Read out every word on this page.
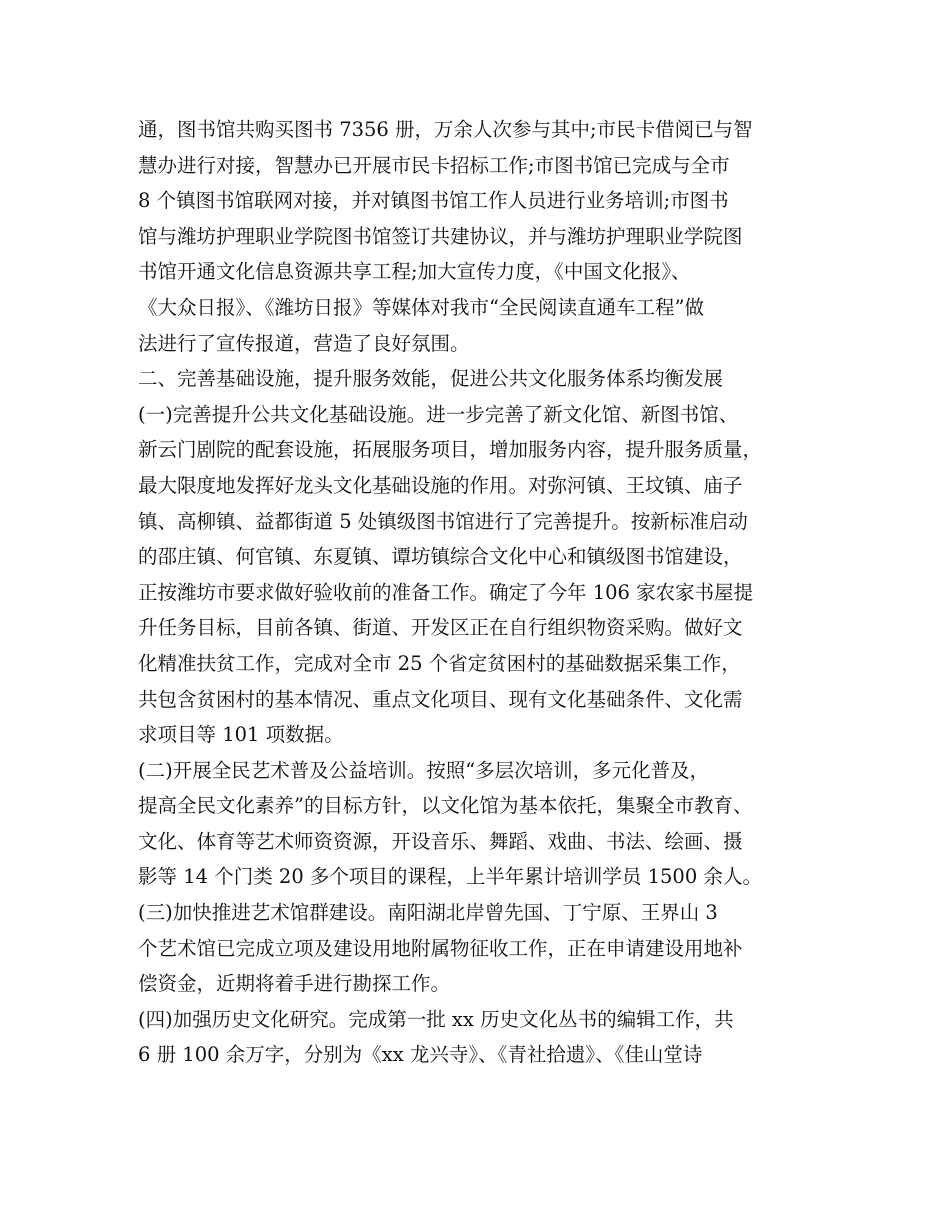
通，图书馆共购买图书 7356 册，万余人次参与其中;市民卡借阅已与智
慧办进行对接，智慧办已开展市民卡招标工作;市图书馆已完成与全市
8 个镇图书馆联网对接，并对镇图书馆工作人员进行业务培训;市图书
馆与潍坊护理职业学院图书馆签订共建协议，并与潍坊护理职业学院图
书馆开通文化信息资源共享工程;加大宣传力度，《中国文化报》、
《大众日报》、《潍坊日报》等媒体对我市“全民阅读直通车工程”做
法进行了宣传报道，营造了良好氛围。
二、完善基础设施，提升服务效能，促进公共文化服务体系均衡发展
(一)完善提升公共文化基础设施。进一步完善了新文化馆、新图书馆、
新云门剧院的配套设施，拓展服务项目，增加服务内容，提升服务质量，
最大限度地发挥好龙头文化基础设施的作用。对弥河镇、王坟镇、庙子
镇、高柳镇、益都街道 5 处镇级图书馆进行了完善提升。按新标准启动
的邵庄镇、何官镇、东夏镇、谭坊镇综合文化中心和镇级图书馆建设，
正按潍坊市要求做好验收前的准备工作。确定了今年 106 家农家书屋提
升任务目标，目前各镇、街道、开发区正在自行组织物资采购。做好文
化精准扶贫工作，完成对全市 25 个省定贫困村的基础数据采集工作，
共包含贫困村的基本情况、重点文化项目、现有文化基础条件、文化需
求项目等 101 项数据。
(二)开展全民艺术普及公益培训。按照“多层次培训，多元化普及，
提高全民文化素养”的目标方针，以文化馆为基本依托，集聚全市教育、
文化、体育等艺术师资资源，开设音乐、舞蹈、戏曲、书法、绘画、摄
影等 14 个门类 20 多个项目的课程，上半年累计培训学员 1500 余人。
(三)加快推进艺术馆群建设。南阳湖北岸曾先国、丁宁原、王界山 3
个艺术馆已完成立项及建设用地附属物征收工作，正在申请建设用地补
偿资金，近期将着手进行勘探工作。
(四)加强历史文化研究。完成第一批 xx 历史文化丛书的编辑工作，共
6 册 100 余万字，分别为《xx 龙兴寺》、《青社拾遗》、《佳山堂诗
